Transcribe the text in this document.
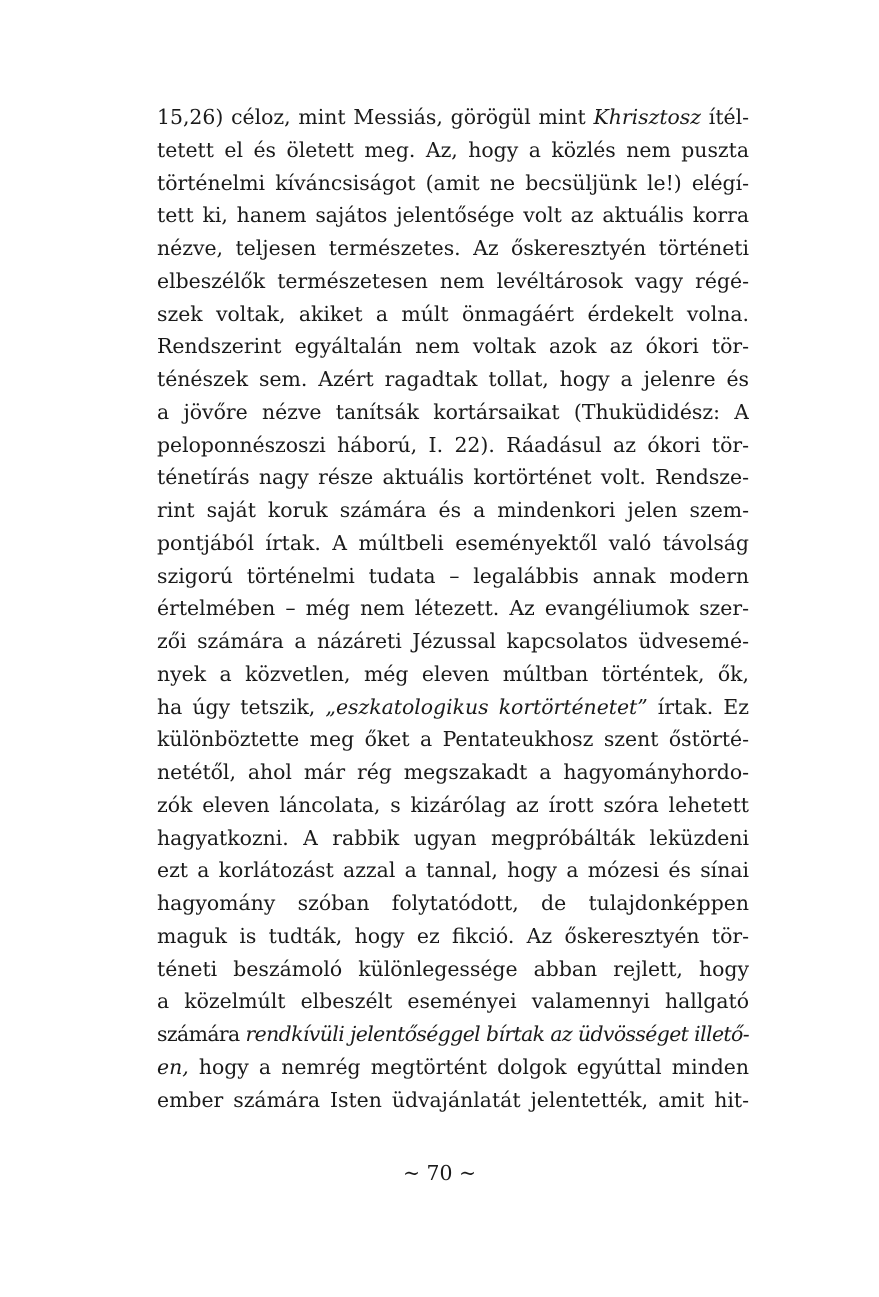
15,26) céloz, mint Messiás, görögül mint Khrisztosz ítél-
tetett el és öletett meg. Az, hogy a közlés nem puszta
történelmi kíváncsiságot (amit ne becsüljünk le!) elégí-
tett ki, hanem sajátos jelentősége volt az aktuális korra
nézve, teljesen természetes. Az őskeresztyén történeti
elbeszélők természetesen nem levéltárosok vagy régé-
szek voltak, akiket a múlt önmagáért érdekelt volna.
Rendszerint egyáltalán nem voltak azok az ókori tör-
ténészek sem. Azért ragadtak tollat, hogy a jelenre és
a jövőre nézve tanítsák kortársaikat (Thuküdidész: A
peloponnészoszi háború, I. 22). Ráadásul az ókori tör-
ténetírás nagy része aktuális kortörténet volt. Rendsze-
rint saját koruk számára és a mindenkori jelen szem-
pontjából írtak. A múltbeli eseményektől való távolság
szigorú történelmi tudata – legalábbis annak modern
értelmében – még nem létezett. Az evangéliumok szer-
zői számára a názáreti Jézussal kapcsolatos üdvesemé-
nyek a közvetlen, még eleven múltban történtek, ők,
ha úgy tetszik, „eszkatologikus kortörténetet” írtak. Ez
különböztette meg őket a Pentateukhosz szent őstörté-
netétől, ahol már rég megszakadt a hagyományhordo-
zók eleven láncolata, s kizárólag az írott szóra lehetett
hagyatkozni. A rabbik ugyan megpróbálták leküzdeni
ezt a korlátozást azzal a tannal, hogy a mózesi és sínai
hagyomány szóban folytatódott, de tulajdonképpen
maguk is tudták, hogy ez fikció. Az őskeresztyén tör-
téneti beszámoló különlegessége abban rejlett, hogy
a közelmúlt elbeszélt eseményei valamennyi hallgató
számára rendkívüli jelentőséggel bírtak az üdvösséget illető-
en, hogy a nemrég megtörtént dolgok egyúttal minden
ember számára Isten üdvajánlatát jelentették, amit hit-
~ 70 ~
